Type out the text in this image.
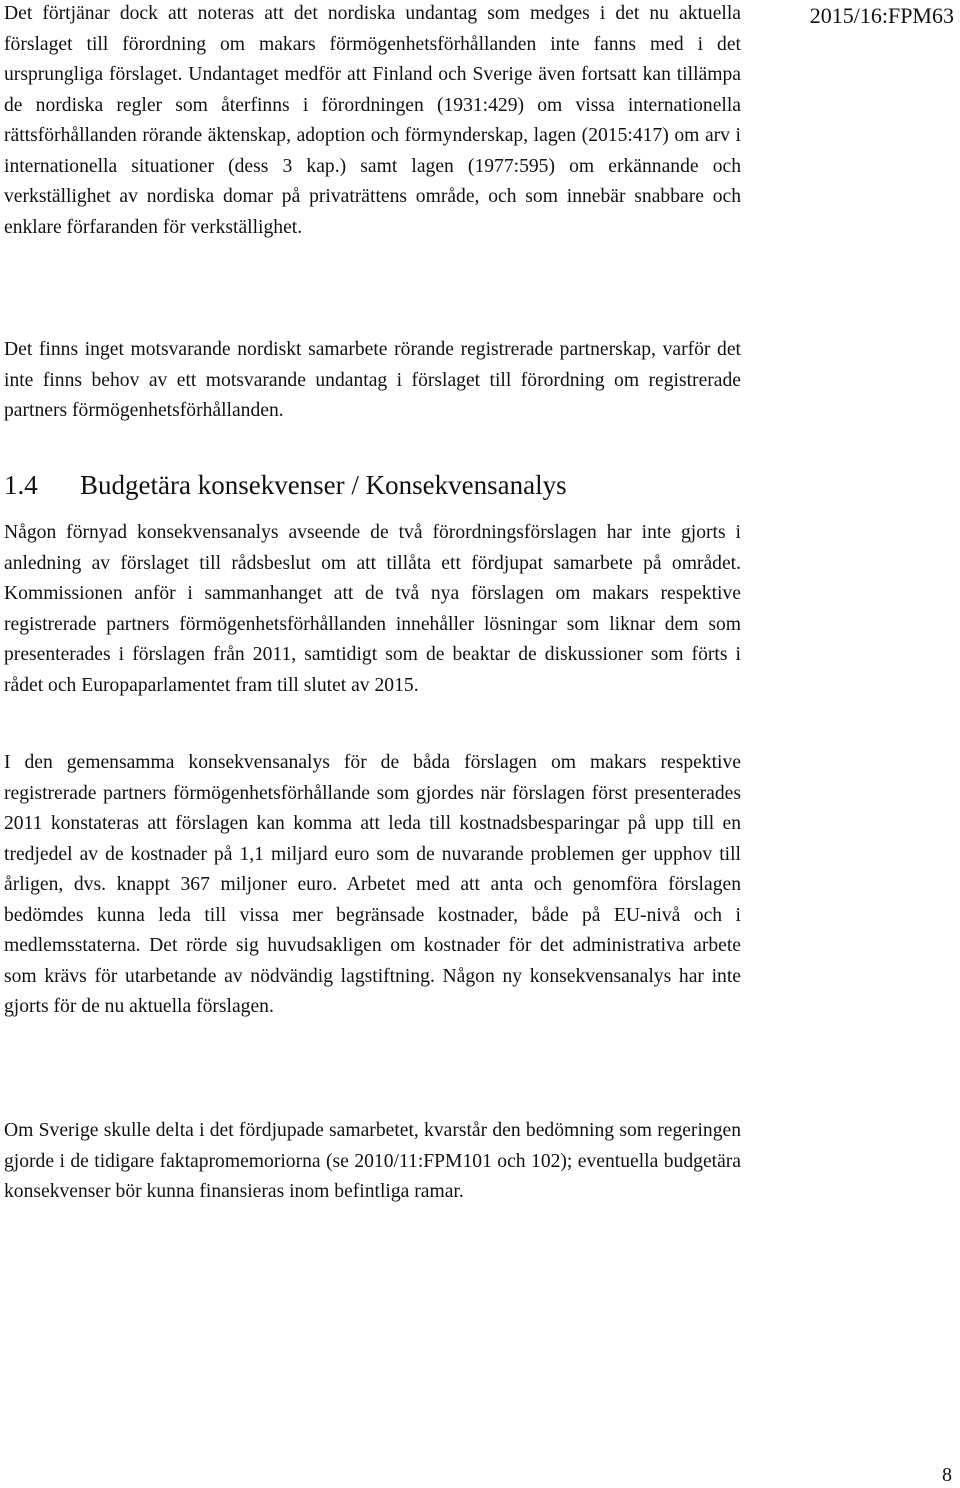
2015/16:FPM63

Det förtjänar dock att noteras att det nordiska undantag som medges i det nu aktuella förslaget till förordning om makars förmögenhetsförhållanden inte fanns med i det ursprungliga förslaget. Undantaget medför att Finland och Sverige även fortsatt kan tillämpa de nordiska regler som återfinns i förordningen (1931:429) om vissa internationella rättsförhållanden rörande äktenskap, adoption och förmynderskap, lagen (2015:417) om arv i internationella situationer (dess 3 kap.) samt lagen (1977:595) om erkännande och verkställighet av nordiska domar på privaträttens område, och som innebär snabbare och enklare förfaranden för verkställighet.

Det finns inget motsvarande nordiskt samarbete rörande registrerade partnerskap, varför det inte finns behov av ett motsvarande undantag i förslaget till förordning om registrerade partners förmögenhetsförhållanden.

1.4 Budgetära konsekvenser / Konsekvensanalys

Någon förnyad konsekvensanalys avseende de två förordningsförslagen har inte gjorts i anledning av förslaget till rådsbeslut om att tillåta ett fördjupat samarbete på området. Kommissionen anför i sammanhanget att de två nya förslagen om makars respektive registrerade partners förmögenhetsförhållanden innehåller lösningar som liknar dem som presenterades i förslagen från 2011, samtidigt som de beaktar de diskussioner som förts i rådet och Europaparlamentet fram till slutet av 2015.

I den gemensamma konsekvensanalys för de båda förslagen om makars respektive registrerade partners förmögenhetsförhållande som gjordes när förslagen först presenterades 2011 konstateras att förslagen kan komma att leda till kostnadsbesparingar på upp till en tredjedel av de kostnader på 1,1 miljard euro som de nuvarande problemen ger upphov till årligen, dvs. knappt 367 miljoner euro. Arbetet med att anta och genomföra förslagen bedömdes kunna leda till vissa mer begränsade kostnader, både på EU-nivå och i medlemsstaterna. Det rörde sig huvudsakligen om kostnader för det administrativa arbete som krävs för utarbetande av nödvändig lagstiftning. Någon ny konsekvensanalys har inte gjorts för de nu aktuella förslagen.

Om Sverige skulle delta i det fördjupade samarbetet, kvarstår den bedömning som regeringen gjorde i de tidigare faktapromemoriorna (se 2010/11:FPM101 och 102); eventuella budgetära konsekvenser bör kunna finansieras inom befintliga ramar.

8
